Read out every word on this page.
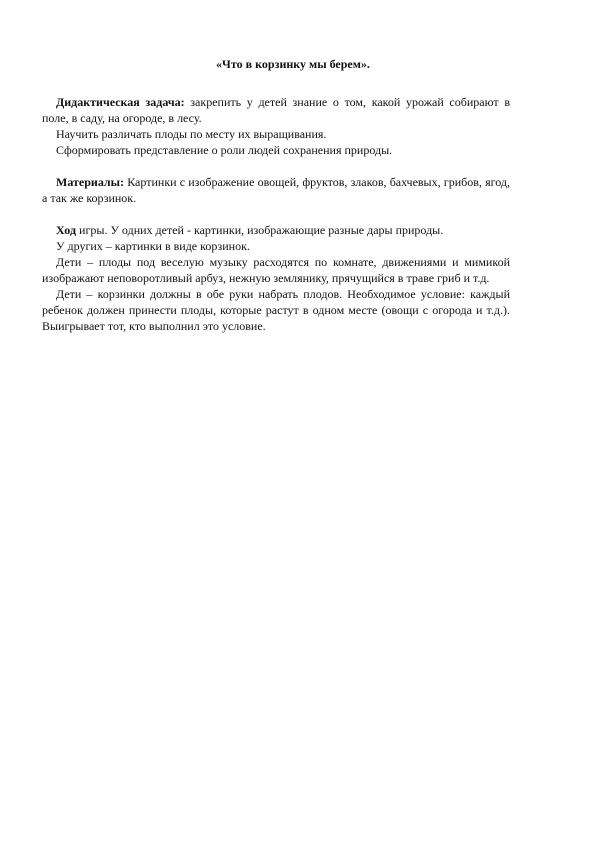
«Что в корзинку мы берем».

Дидактическая задача: закрепить у детей знание о том, какой урожай собирают в поле, в саду, на огороде, в лесу.

Научить различать плоды по месту их выращивания.

Сформировать представление о роли людей сохранения природы.

Материалы: Картинки с изображение овощей, фруктов, злаков, бахчевых, грибов, ягод, а так же корзинок.

Ход игры. У одних детей - картинки, изображающие разные дары природы.

У других – картинки в виде корзинок.

Дети – плоды под веселую музыку расходятся по комнате, движениями и мимикой изображают неповоротливый арбуз, нежную землянику, прячущийся в траве гриб и т.д.

Дети – корзинки должны в обе руки набрать плодов. Необходимое условие: каждый ребенок должен принести плоды, которые растут в одном месте (овощи с огорода и т.д.). Выигрывает тот, кто выполнил это условие.
